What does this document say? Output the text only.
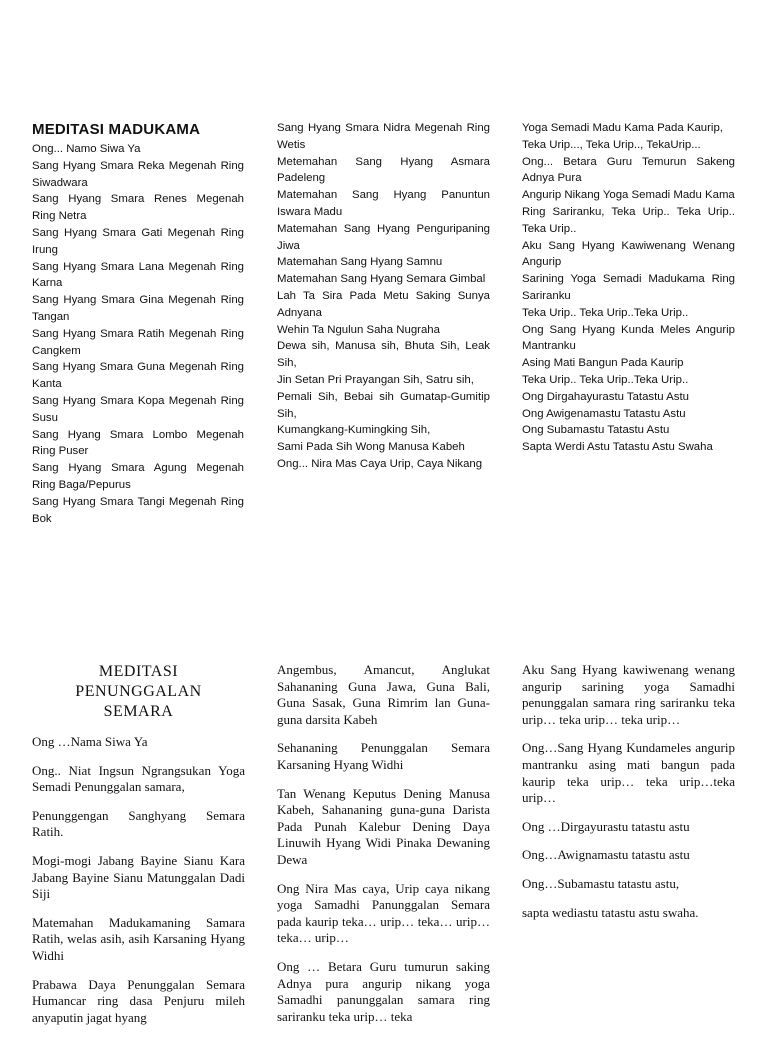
MEDITASI MADUKAMA

Ong... Namo Siwa Ya

Sang Hyang Smara Reka Megenah Ring Siwadwara

Sang Hyang Smara Renes Megenah Ring Netra

Sang Hyang Smara Gati Megenah Ring Irung

Sang Hyang Smara Lana Megenah Ring Karna

Sang Hyang Smara Gina Megenah Ring Tangan

Sang Hyang Smara Ratih Megenah Ring Cangkem

Sang Hyang Smara Guna Megenah Ring Kanta

Sang Hyang Smara Kopa Megenah Ring Susu

Sang Hyang Smara Lombo Megenah Ring Puser

Sang Hyang Smara Agung Megenah Ring Baga/Pepurus

Sang Hyang Smara Tangi Megenah Ring Bok

Sang Hyang Smara Nidra Megenah Ring Wetis

Metemahan Sang Hyang Asmara Padeleng

Matemahan Sang Hyang Panuntun Iswara Madu

Matemahan Sang Hyang Penguripaning Jiwa

Matemahan Sang Hyang Samnu

Matemahan Sang Hyang Semara Gimbal

Lah Ta Sira Pada Metu Saking Sunya Adnyana

Wehin Ta Ngulun Saha Nugraha

Dewa sih, Manusa sih, Bhuta Sih, Leak Sih,

Jin Setan Pri Prayangan Sih, Satru sih,

Pemali Sih, Bebai sih Gumatap-Gumitip Sih,

Kumangkang-Kumingking Sih,

Sami Pada Sih Wong Manusa Kabeh

Ong... Nira Mas Caya Urip, Caya Nikang

Yoga Semadi Madu Kama Pada Kaurip,

Teka Urip..., Teka Urip.., TekaUrip...

Ong... Betara Guru Temurun Sakeng Adnya Pura

Angurip Nikang Yoga Semadi Madu Kama

Ring Sariranku, Teka Urip.. Teka Urip.. Teka Urip..

Aku Sang Hyang Kawiwenang Wenang Angurip

Sarining Yoga Semadi Madukama Ring Sariranku

Teka Urip.. Teka Urip..Teka Urip..

Ong Sang Hyang Kunda Meles Angurip Mantranku

Asing Mati Bangun Pada Kaurip

Teka Urip.. Teka Urip..Teka Urip..

Ong Dirgahayurastu Tatastu Astu

Ong Awigenamastu Tatastu Astu

Ong Subamastu Tatastu Astu

Sapta Werdi Astu Tatastu Astu Swaha

MEDITASI
PENUNGGALAN
SEMARA

Ong …Nama Siwa Ya

Ong.. Niat Ingsun Ngrangsukan Yoga Semadi Penunggalan samara,

Penunggengan Sanghyang Semara Ratih.

Mogi-mogi Jabang Bayine Sianu Kara Jabang Bayine Sianu Matunggalan Dadi Siji

Matemahan Madukamaning Samara Ratih, welas asih, asih Karsaning Hyang Widhi

Prabawa Daya Penunggalan Semara Humancar ring dasa Penjuru mileh anyaputin jagat hyang

Angembus, Amancut, Anglukat Sahananing Guna Jawa, Guna Bali, Guna Sasak, Guna Rimrim lan Guna-guna darsita Kabeh

Sehananing Penunggalan Semara Karsaning Hyang Widhi

Tan Wenang Keputus Dening Manusa Kabeh, Sahananing guna-guna Darista Pada Punah Kalebur Dening Daya Linuwih Hyang Widi Pinaka Dewaning Dewa

Ong Nira Mas caya, Urip caya nikang yoga Samadhi Panunggalan Semara pada kaurip teka… urip… teka… urip… teka… urip…

Ong … Betara Guru tumurun saking Adnya pura angurip nikang yoga Samadhi panunggalan samara ring sariranku teka urip… teka

Aku Sang Hyang kawiwenang wenang angurip sarining yoga Samadhi penunggalan samara ring sariranku teka urip… teka urip… teka urip…

Ong…Sang Hyang Kundameles angurip mantranku asing mati bangun pada kaurip teka urip… teka urip…teka urip…

Ong …Dirgayurastu tatastu astu

Ong…Awignamastu tatastu astu

Ong…Subamastu tatastu astu,

sapta wediastu tatastu astu swaha.
